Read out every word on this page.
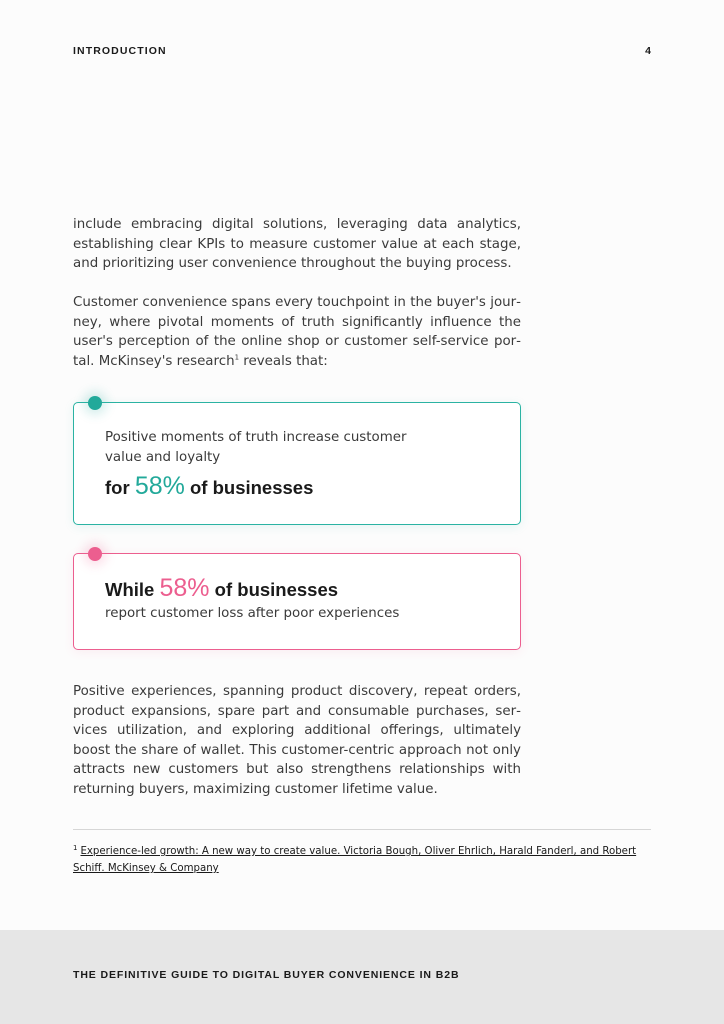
INTRODUCTION	4

include embracing digital solutions, leveraging data analytics, establishing clear KPIs to measure customer value at each stage, and prioritizing user convenience throughout the buying process.

Customer convenience spans every touchpoint in the buyer's journey, where pivotal moments of truth significantly influence the user's perception of the online shop or customer self-service portal. McKinsey's research$^1$ reveals that:

Positive moments of truth increase customer value and loyalty
for 58% of businesses
While 58% of businesses
report customer loss after poor experiences

Positive experiences, spanning product discovery, repeat orders, product expansions, spare part and consumable purchases, services utilization, and exploring additional offerings, ultimately boost the share of wallet. This customer-centric approach not only attracts new customers but also strengthens relationships with returning buyers, maximizing customer lifetime value.

$^1$ Experience-led growth: A new way to create value. Victoria Bough, Oliver Ehrlich, Harald Fanderl, and Robert Schiff. McKinsey & Company

THE DEFINITIVE GUIDE TO DIGITAL BUYER CONVENIENCE IN B2B
